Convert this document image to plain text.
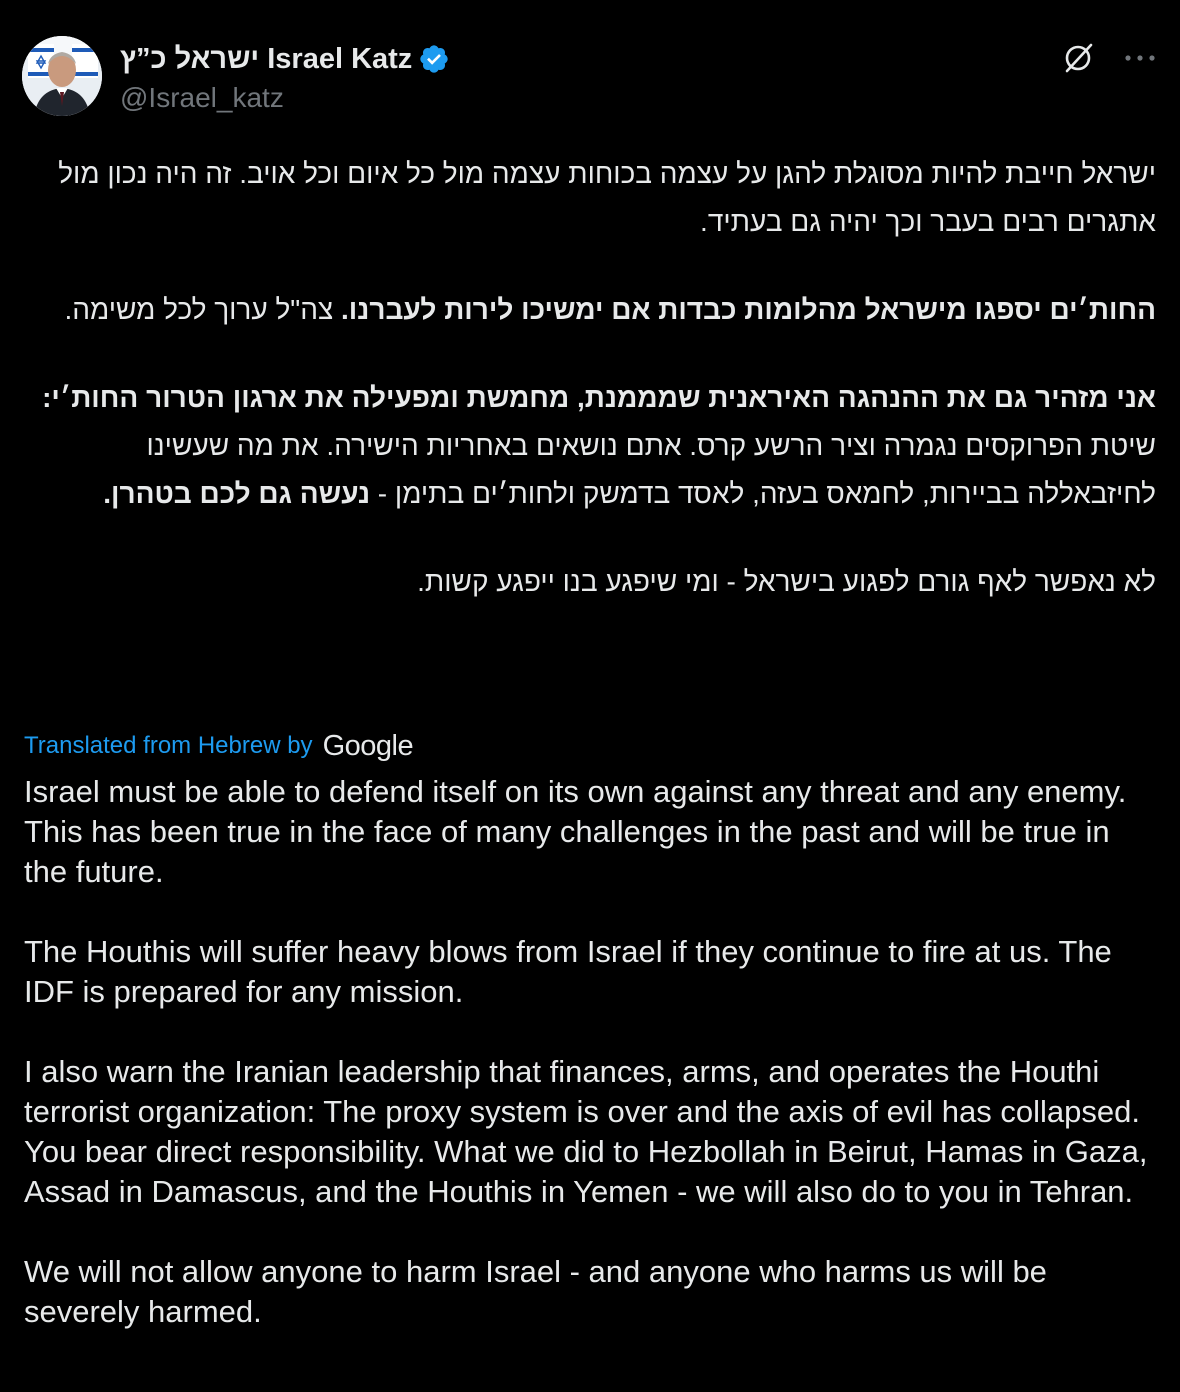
ישראל כ”ץ Israel Katz
@Israel_katz

ישראל חייבת להיות מסוגלת להגן על עצמה בכוחות עצמה מול כל איום וכל אויב. זה היה נכון מול אתגרים רבים בעבר וכך יהיה גם בעתיד.

החות׳ים יספגו מישראל מהלומות כבדות אם ימשיכו לירות לעברנו. צה"ל ערוך לכל משימה.

אני מזהיר גם את ההנהגה האיראנית שמממנת, מחמשת ומפעילה את ארגון הטרור החות׳י: שיטת הפרוקסים נגמרה וציר הרשע קרס. אתם נושאים באחריות הישירה. את מה שעשינו לחיזבאללה בביירות, לחמאס בעזה, לאסד בדמשק ולחות׳ים בתימן - נעשה גם לכם בטהרן.

לא נאפשר לאף גורם לפגוע בישראל - ומי שיפגע בנו ייפגע קשות.

Translated from Hebrew by Google

Israel must be able to defend itself on its own against any threat and any enemy. This has been true in the face of many challenges in the past and will be true in the future.

The Houthis will suffer heavy blows from Israel if they continue to fire at us. The IDF is prepared for any mission.

I also warn the Iranian leadership that finances, arms, and operates the Houthi terrorist organization: The proxy system is over and the axis of evil has collapsed. You bear direct responsibility. What we did to Hezbollah in Beirut, Hamas in Gaza, Assad in Damascus, and the Houthis in Yemen - we will also do to you in Tehran.

We will not allow anyone to harm Israel - and anyone who harms us will be severely harmed.
